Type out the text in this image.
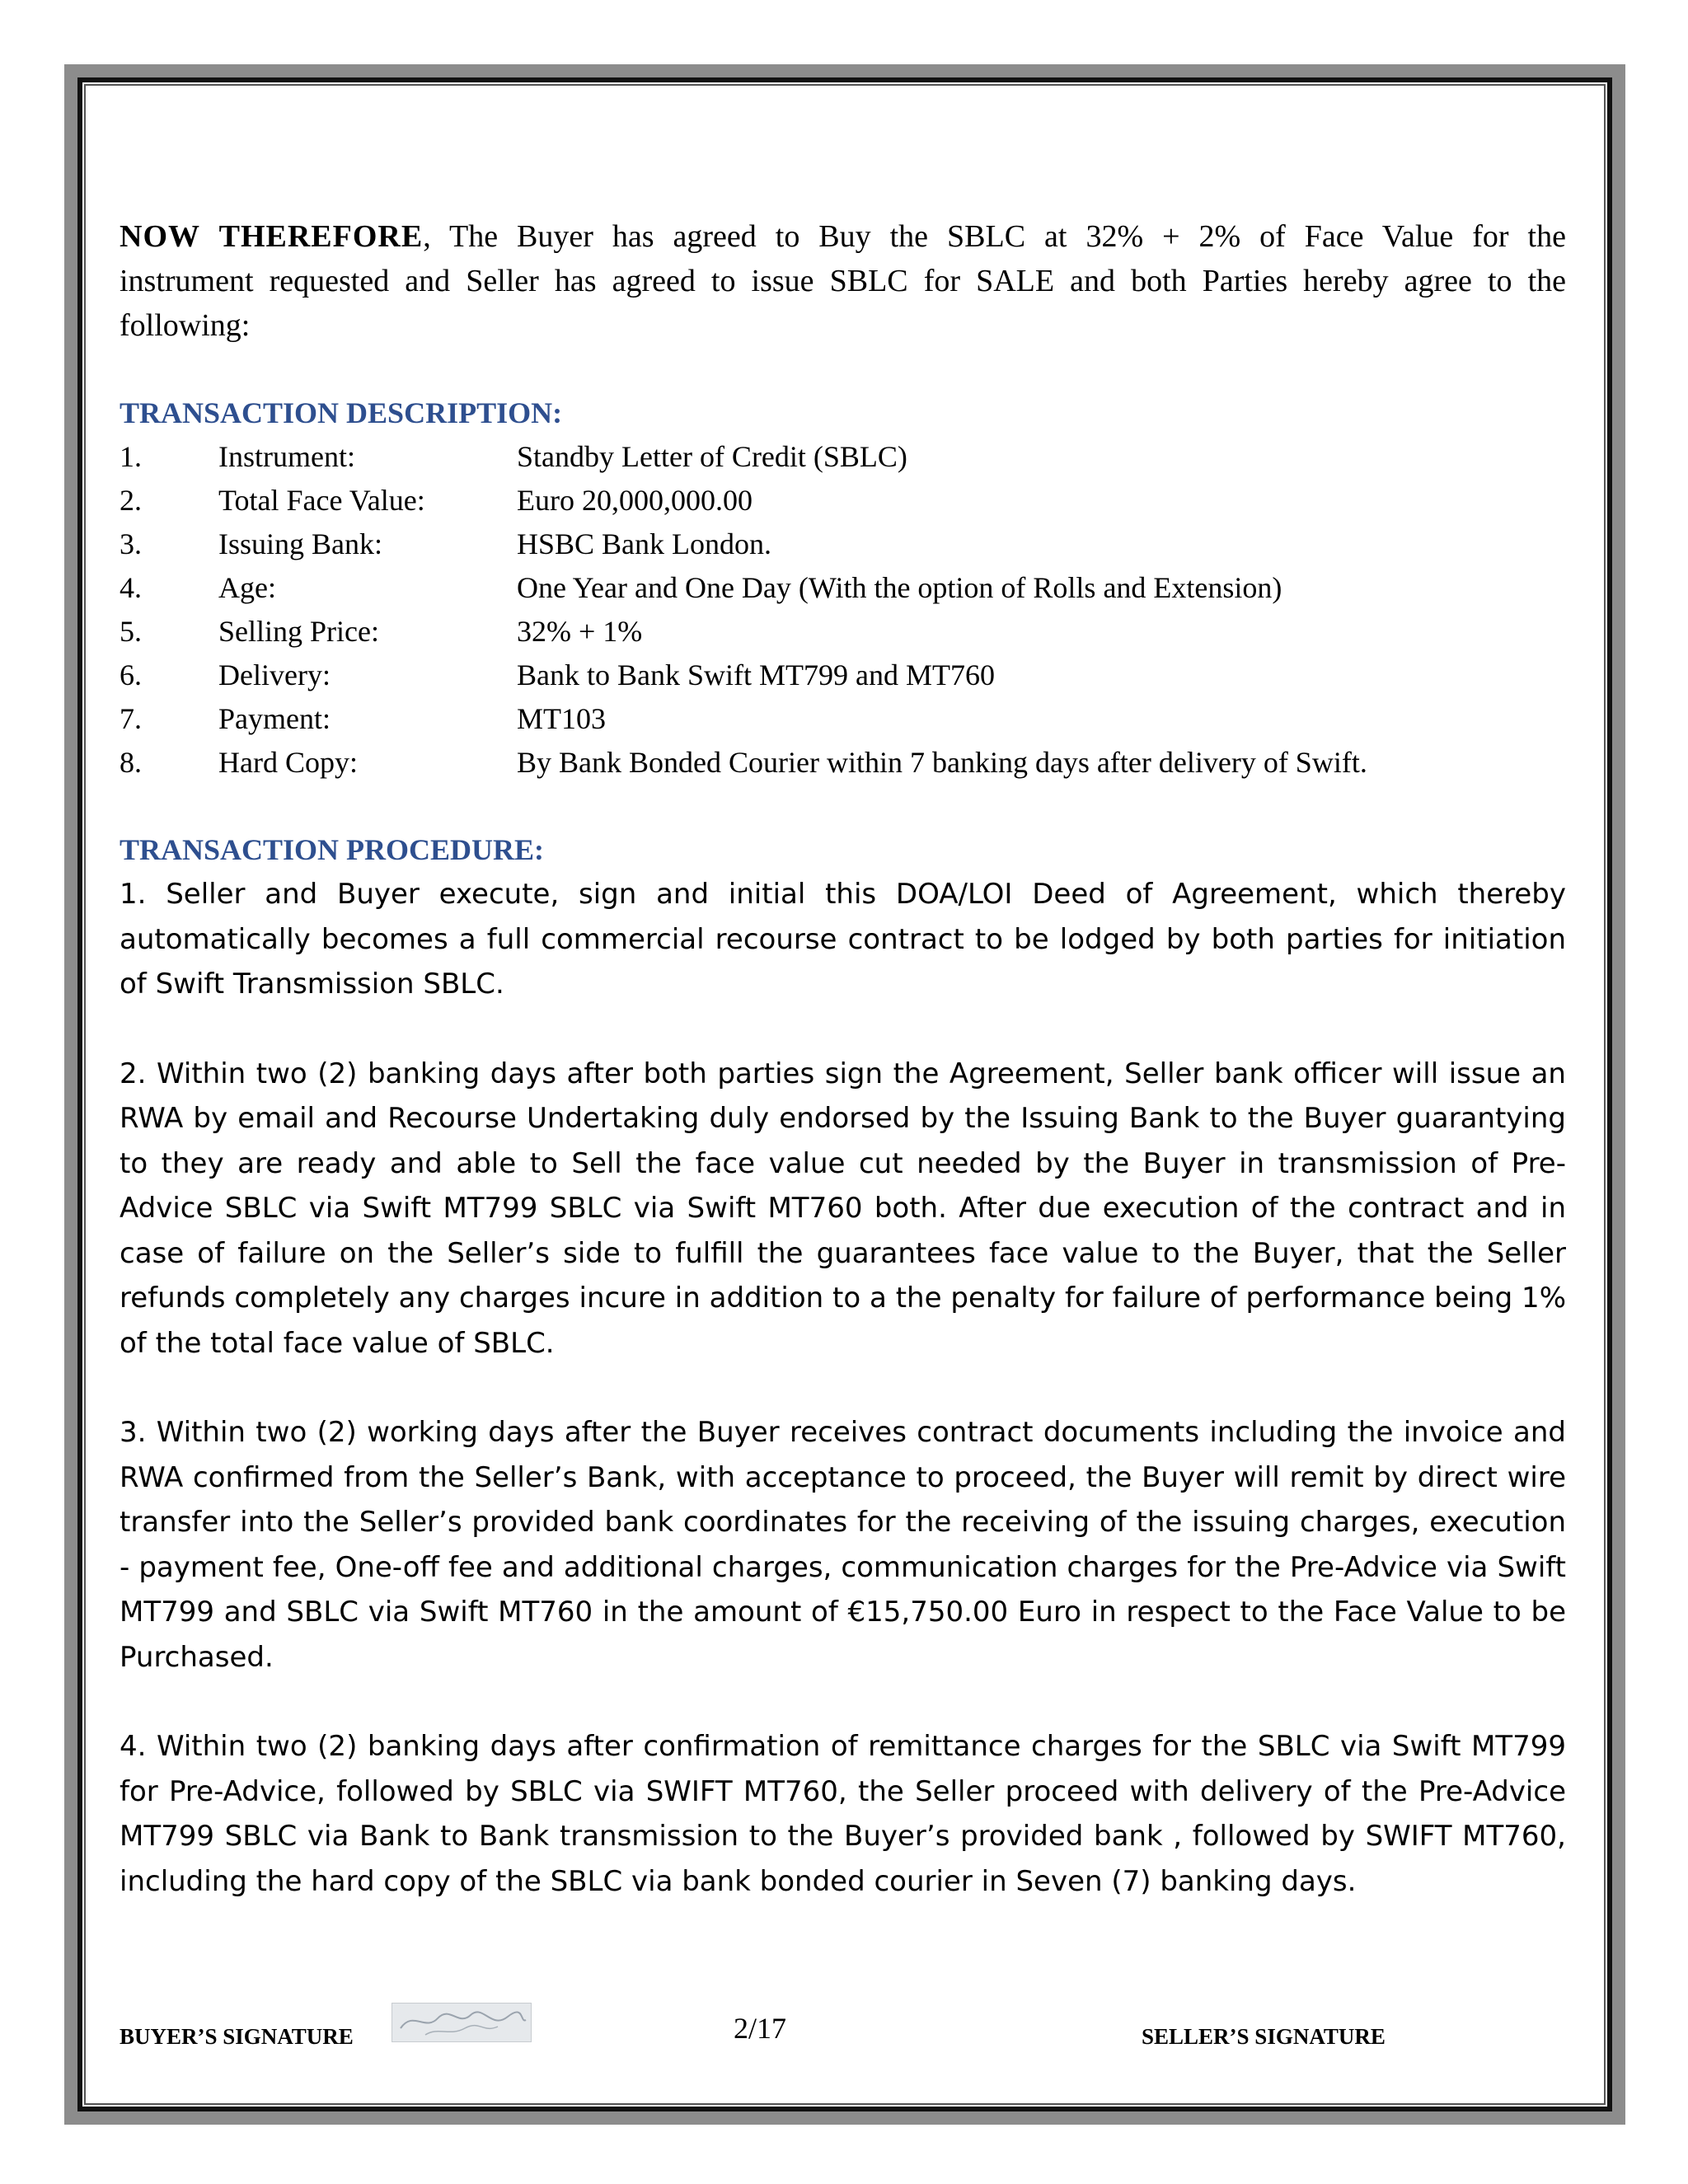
NOW THEREFORE, The Buyer has agreed to Buy the SBLC at 32% + 2% of Face Value for the instrument requested and Seller has agreed to issue SBLC for SALE and both Parties hereby agree to the following:

TRANSACTION DESCRIPTION:
1.	Instrument:	Standby Letter of Credit (SBLC)
2.	Total Face Value:	Euro 20,000,000.00
3.	Issuing Bank:	HSBC Bank London.
4.	Age:	One Year and One Day (With the option of Rolls and Extension)
5.	Selling Price:	32% + 1%
6.	Delivery:	Bank to Bank Swift MT799 and MT760
7.	Payment:	MT103
8.	Hard Copy:	By Bank Bonded Courier within 7 banking days after delivery of Swift.
TRANSACTION PROCEDURE:

1. Seller and Buyer execute, sign and initial this DOA/LOI Deed of Agreement, which thereby automatically becomes a full commercial recourse contract to be lodged by both parties for initiation of Swift Transmission SBLC.

2. Within two (2) banking days after both parties sign the Agreement, Seller bank officer will issue an RWA by email and Recourse Undertaking duly endorsed by the Issuing Bank to the Buyer guarantying to they are ready and able to Sell the face value cut needed by the Buyer in transmission of Pre-Advice SBLC via Swift MT799 SBLC via Swift MT760 both. After due execution of the contract and in case of failure on the Seller’s side to fulfill the guarantees face value to the Buyer, that the Seller refunds completely any charges incure in addition to a the penalty for failure of performance being 1% of the total face value of SBLC.

3. Within two (2) working days after the Buyer receives contract documents including the invoice and RWA confirmed from the Seller’s Bank, with acceptance to proceed, the Buyer will remit by direct wire transfer into the Seller’s provided bank coordinates for the receiving of the issuing charges, execution - payment fee, One-off fee and additional charges, communication charges for the Pre-Advice via Swift MT799 and SBLC via Swift MT760 in the amount of €15,750.00 Euro in respect to the Face Value to be Purchased.

4. Within two (2) banking days after confirmation of remittance charges for the SBLC via Swift MT799 for Pre-Advice, followed by SBLC via SWIFT MT760, the Seller proceed with delivery of the Pre-Advice MT799 SBLC via Bank to Bank transmission to the Buyer’s provided bank , followed by SWIFT MT760, including the hard copy of the SBLC via bank bonded courier in Seven (7) banking days.

BUYER’S SIGNATURE	2/17	SELLER’S SIGNATURE
